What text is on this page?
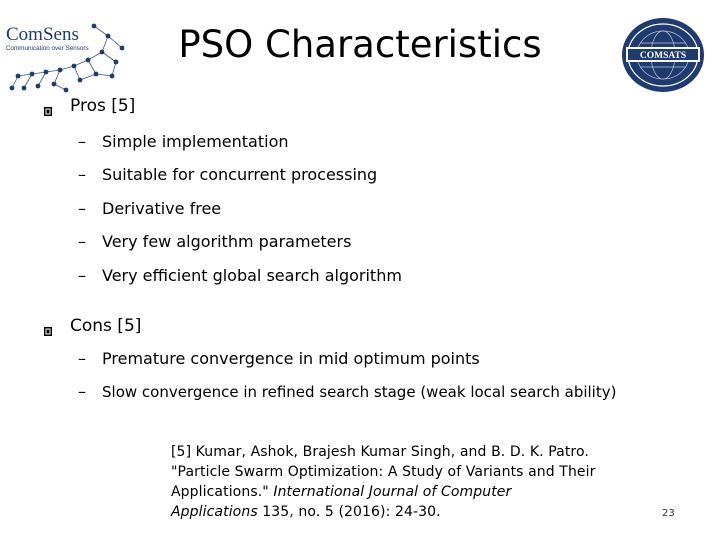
ComSens
Communication over Sensors	PSO Characteristics	COMSATS
Pros [5]
– Simple implementation
– Suitable for concurrent processing
– Derivative free
– Very few algorithm parameters
– Very efficient global search algorithm
Cons [5]
– Premature convergence in mid optimum points
– Slow convergence in refined search stage (weak local search ability)
[5] Kumar, Ashok, Brajesh Kumar Singh, and B. D. K. Patro. "Particle Swarm Optimization: A Study of Variants and Their Applications." International Journal of Computer Applications 135, no. 5 (2016): 24-30.	23
